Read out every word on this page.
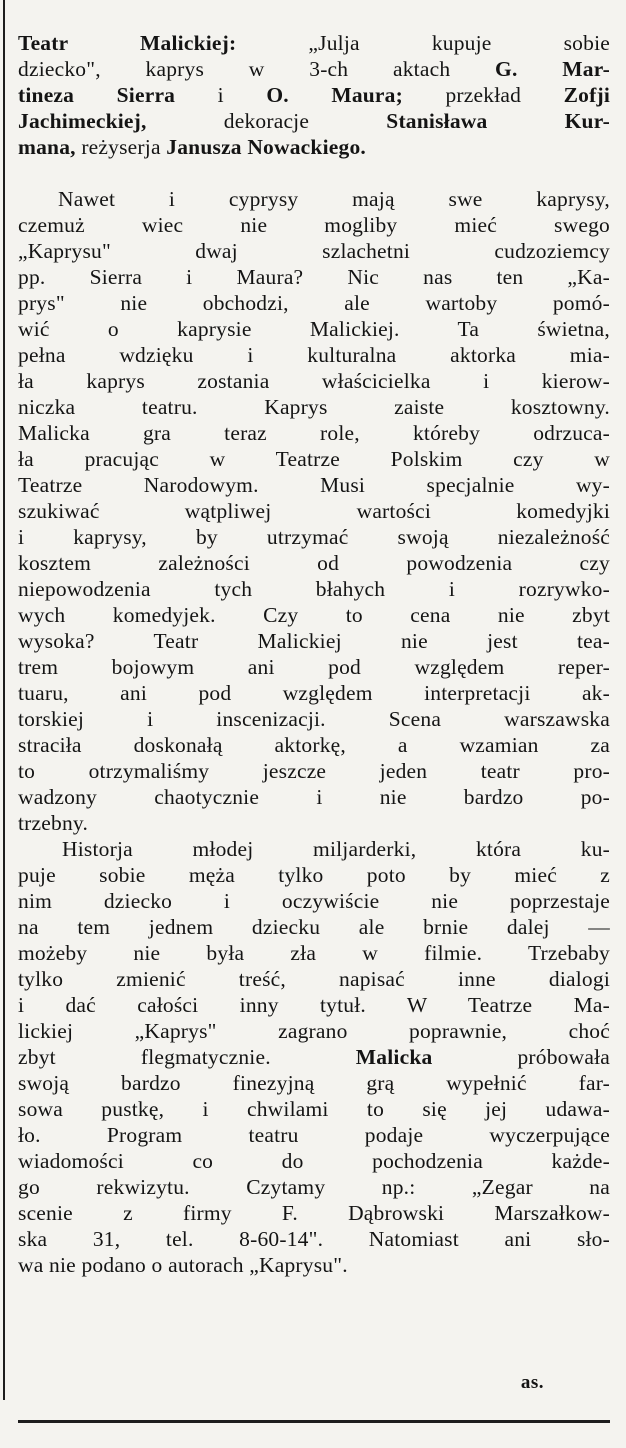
Teatr Malickiej: „Julja kupuje sobie
dziecko", kaprys w 3-ch aktach G. Mar-
tineza Sierra i O. Maura; przekład Zofji
Jachimeckiej, dekoracje Stanisława Kur-
mana, reżyserja Janusza Nowackiego.
Nawet i cyprysy mają swe kaprysy,
czemuż wiec nie mogliby mieć swego
„Kaprysu" dwaj szlachetni cudzoziemcy
pp. Sierra i Maura? Nic nas ten „Ka-
prys" nie obchodzi, ale wartoby pomó-
wić o kaprysie Malickiej. Ta świetna,
pełna wdzięku i kulturalna aktorka mia-
ła kaprys zostania właścicielka i kierow-
niczka teatru. Kaprys zaiste kosztowny.
Malicka gra teraz role, któreby odrzuca-
ła pracując w Teatrze Polskim czy w
Teatrze Narodowym. Musi specjalnie wy-
szukiwać wątpliwej wartości komedyjki
i kaprysy, by utrzymać swoją niezależność
kosztem zależności od powodzenia czy
niepowodzenia tych błahych i rozrywko-
wych komedyjek. Czy to cena nie zbyt
wysoka? Teatr Malickiej nie jest tea-
trem bojowym ani pod względem reper-
tuaru, ani pod względem interpretacji ak-
torskiej i inscenizacji. Scena warszawska
straciła doskonałą aktorkę, a wzamian za
to otrzymaliśmy jeszcze jeden teatr pro-
wadzony chaotycznie i nie bardzo po-
trzebny.
Historja młodej miljarderki, która ku-
puje sobie męża tylko poto by mieć z
nim dziecko i oczywiście nie poprzestaje
na tem jednem dziecku ale brnie dalej —
możeby nie była zła w filmie. Trzebaby
tylko zmienić treść, napisać inne dialogi
i dać całości inny tytuł. W Teatrze Ma-
lickiej „Kaprys" zagrano poprawnie, choć
zbyt flegmatycznie. Malicka próbowała
swoją bardzo finezyjną grą wypełnić far-
sowa pustkę, i chwilami to się jej udawa-
ło. Program teatru podaje wyczerpujące
wiadomości co do pochodzenia każde-
go rekwizytu. Czytamy np.: „Zegar na
scenie z firmy F. Dąbrowski Marszałkow-
ska 31, tel. 8-60-14". Natomiast ani sło-
wa nie podano o autorach „Kaprysu".
as.
